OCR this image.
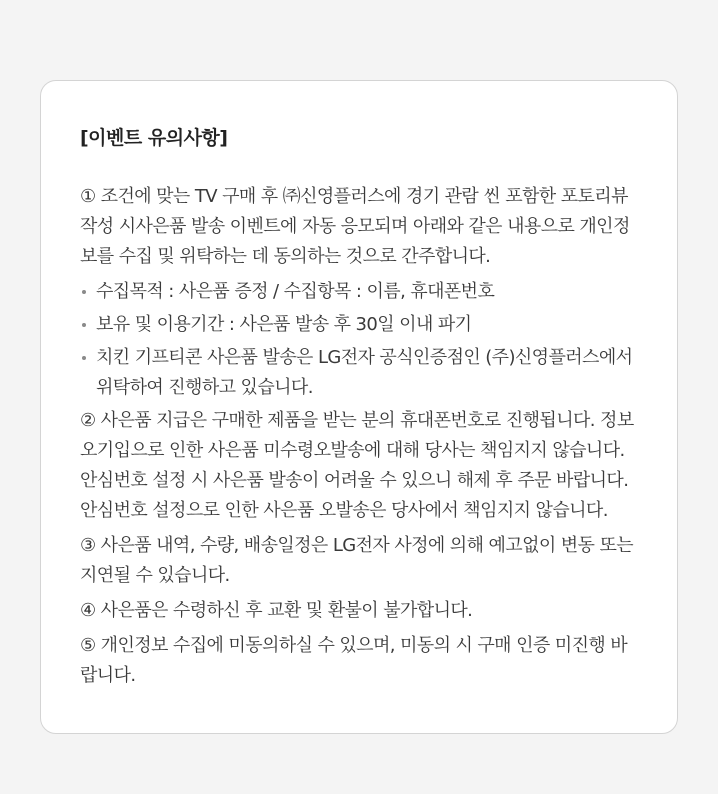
[이벤트 유의사항]

① 조건에 맞는 TV 구매 후 ㈜신영플러스에 경기 관람 씬 포함한 포토리뷰 작성 시사은품 발송 이벤트에 자동 응모되며 아래와 같은 내용으로 개인정보를 수집 및 위탁하는 데 동의하는 것으로 간주합니다.

수집목적 : 사은품 증정 / 수집항목 : 이름, 휴대폰번호
보유 및 이용기간 : 사은품 발송 후 30일 이내 파기
치킨 기프티콘 사은품 발송은 LG전자 공식인증점인 (주)신영플러스에서 위탁하여 진행하고 있습니다.

② 사은품 지급은 구매한 제품을 받는 분의 휴대폰번호로 진행됩니다. 정보오기입으로 인한 사은품 미수령오발송에 대해 당사는 책임지지 않습니다. 안심번호 설정 시 사은품 발송이 어려울 수 있으니 해제 후 주문 바랍니다. 안심번호 설정으로 인한 사은품 오발송은 당사에서 책임지지 않습니다.

③ 사은품 내역, 수량, 배송일정은 LG전자 사정에 의해 예고없이 변동 또는 지연될 수 있습니다.

④ 사은품은 수령하신 후 교환 및 환불이 불가합니다.

⑤ 개인정보 수집에 미동의하실 수 있으며, 미동의 시 구매 인증 미진행 바랍니다.
